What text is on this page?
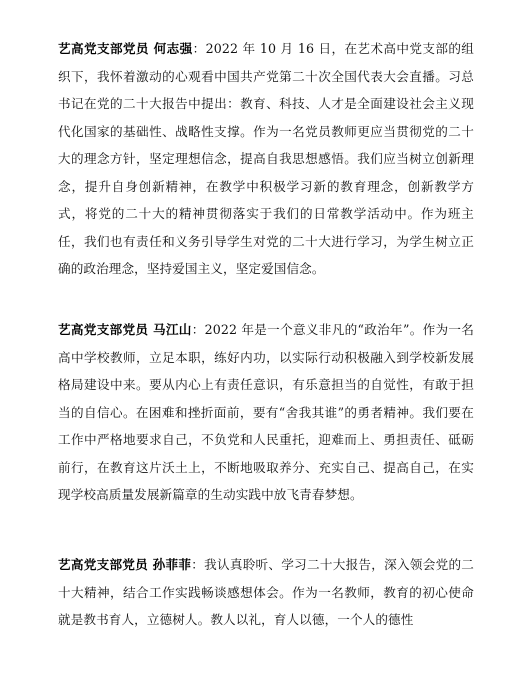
艺高党支部党员 何志强：2022 年 10 月 16 日，在艺术高中党支部的组织下，我怀着激动的心观看中国共产党第二十次全国代表大会直播。习总书记在党的二十大报告中提出：教育、科技、人才是全面建设社会主义现代化国家的基础性、战略性支撑。作为一名党员教师更应当贯彻党的二十大的理念方针，坚定理想信念，提高自我思想感悟。我们应当树立创新理念，提升自身创新精神，在教学中积极学习新的教育理念，创新教学方式，将党的二十大的精神贯彻落实于我们的日常教学活动中。作为班主任，我们也有责任和义务引导学生对党的二十大进行学习，为学生树立正确的政治理念，坚持爱国主义，坚定爱国信念。
艺高党支部党员 马江山：2022 年是一个意义非凡的“政治年”。作为一名高中学校教师，立足本职，练好内功，以实际行动积极融入到学校新发展格局建设中来。要从内心上有责任意识，有乐意担当的自觉性，有敢于担当的自信心。在困难和挫折面前，要有“舍我其谁”的勇者精神。我们要在工作中严格地要求自己，不负党和人民重托，迎难而上、勇担责任、砥砺前行，在教育这片沃土上，不断地吸取养分、充实自己、提高自己，在实现学校高质量发展新篇章的生动实践中放飞青春梦想。
艺高党支部党员 孙菲菲：我认真聆听、学习二十大报告，深入领会党的二十大精神，结合工作实践畅谈感想体会。作为一名教师，教育的初心使命就是教书育人，立德树人。教人以礼，育人以德，一个人的德性
